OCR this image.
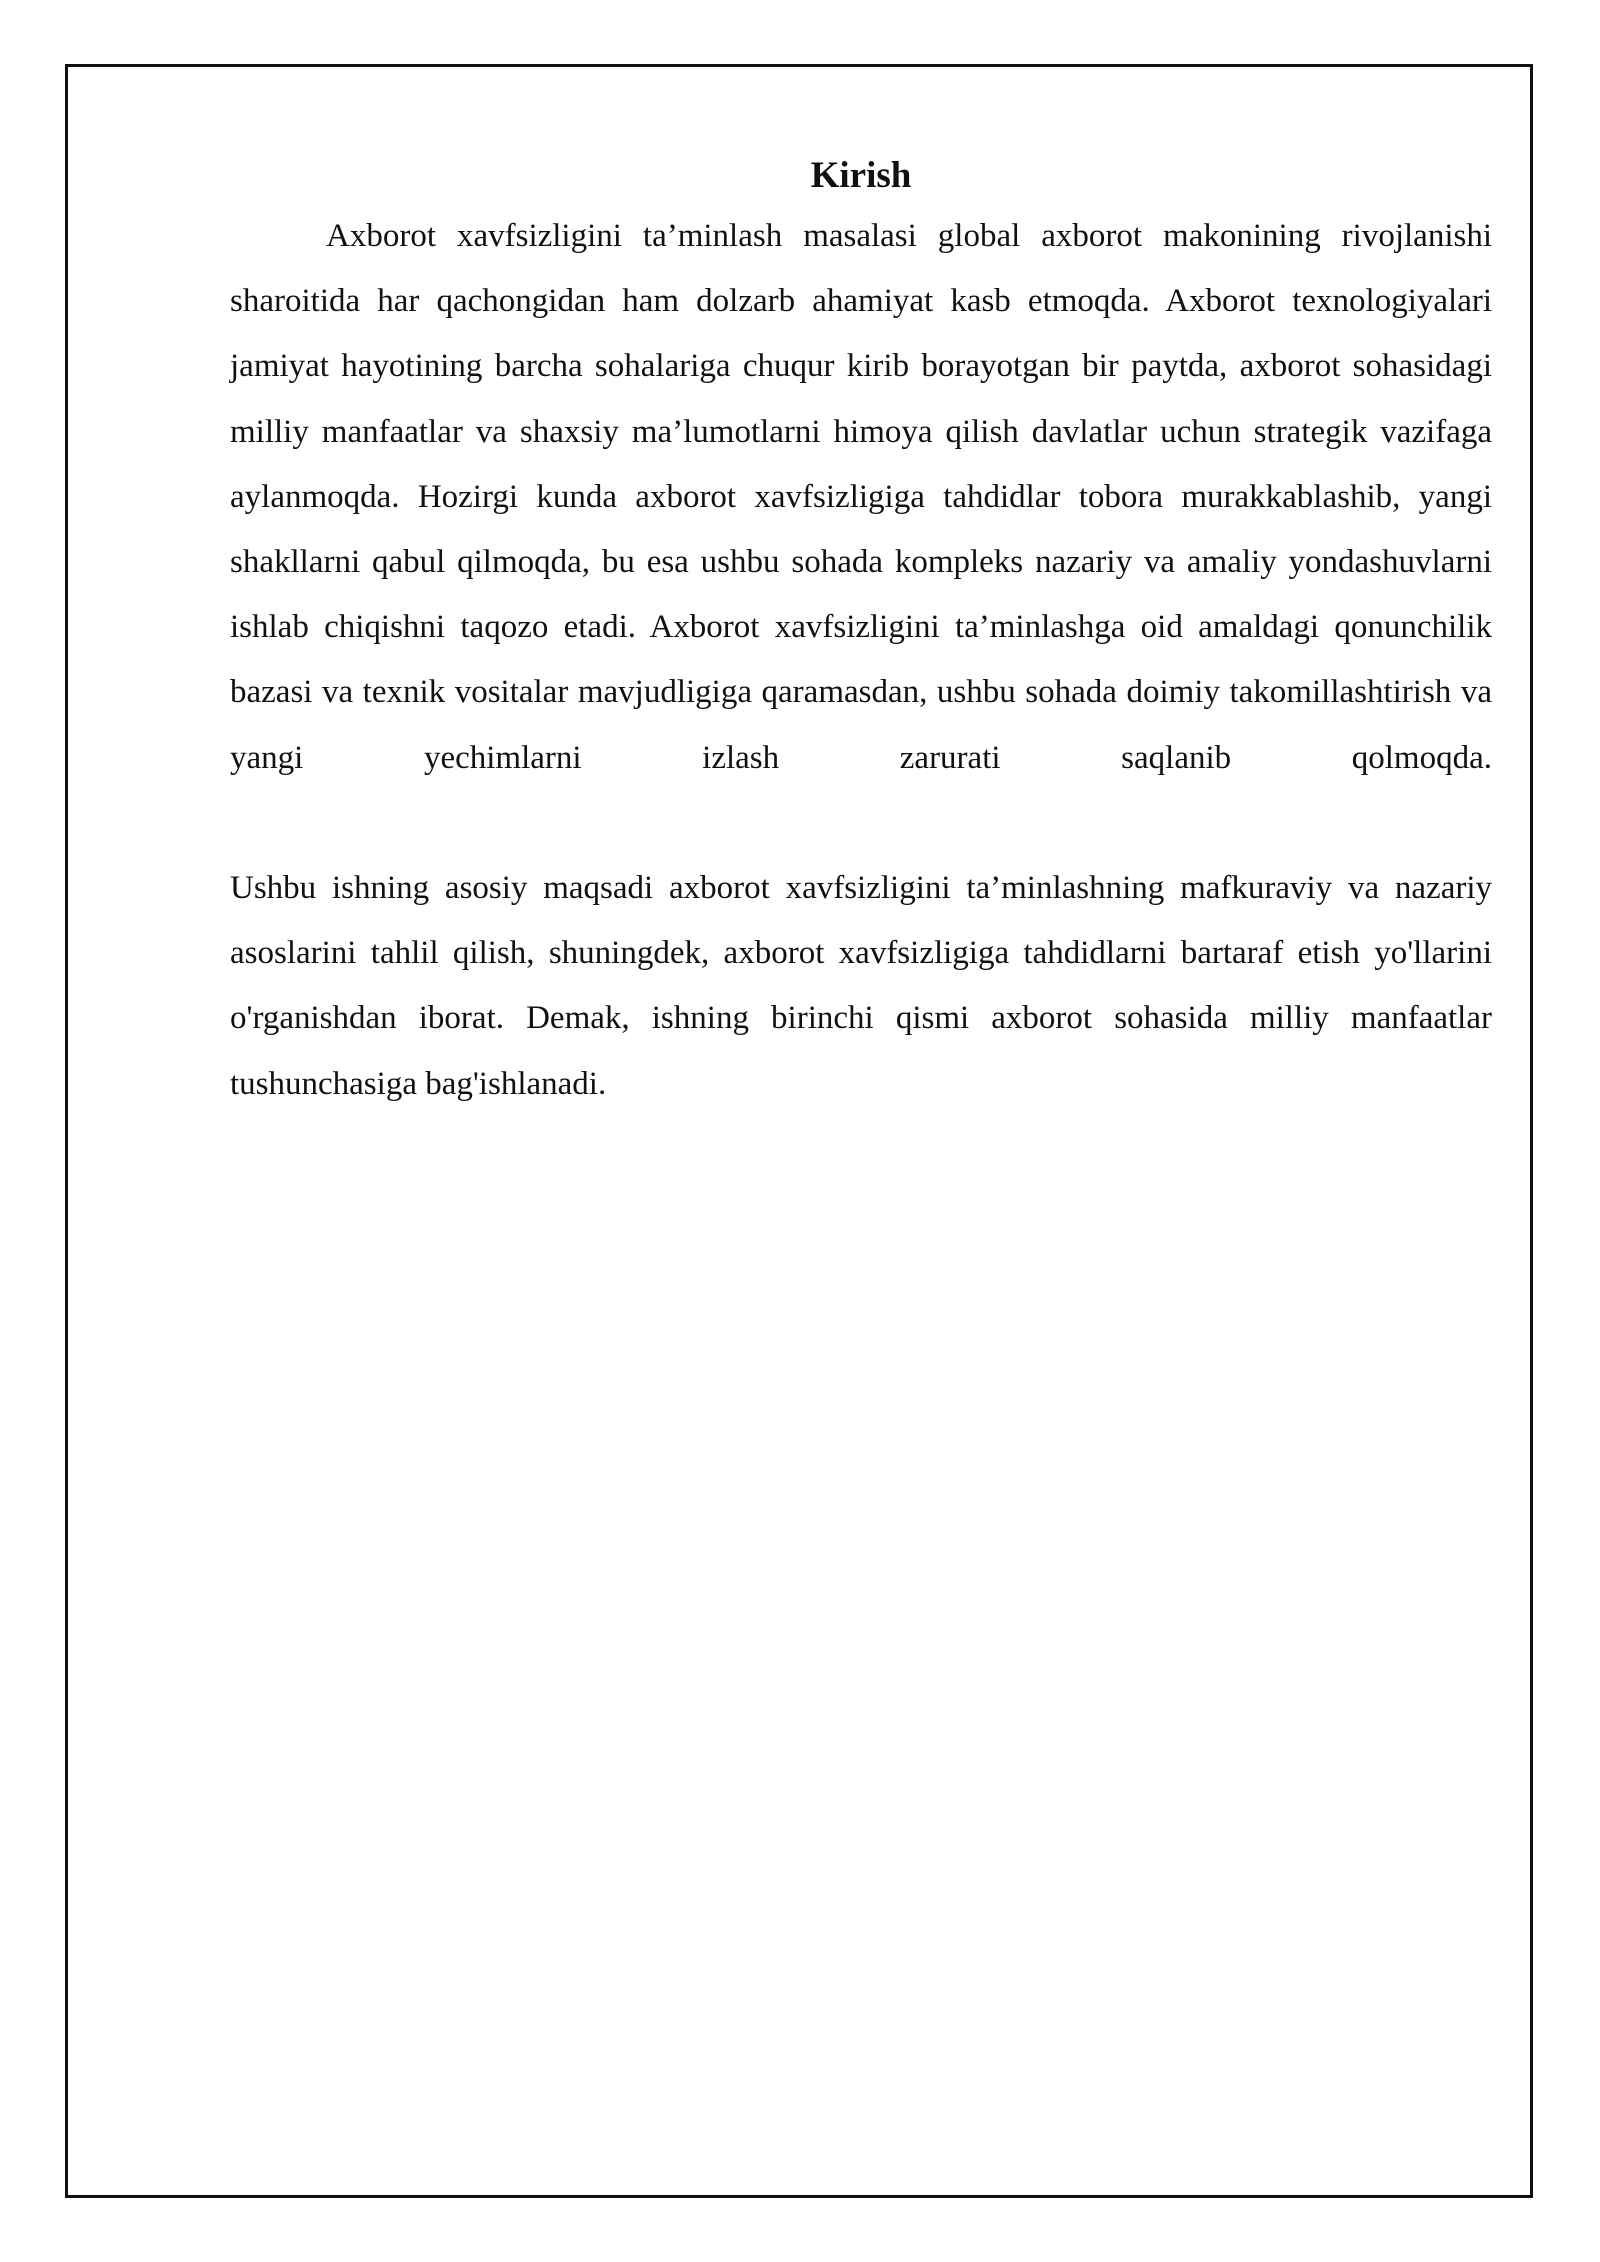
Kirish

Axborot xavfsizligini ta’minlash masalasi global axborot makonining rivojlanishi sharoitida har qachongidan ham dolzarb ahamiyat kasb etmoqda. Axborot texnologiyalari jamiyat hayotining barcha sohalariga chuqur kirib borayotgan bir paytda, axborot sohasidagi milliy manfaatlar va shaxsiy ma’lumotlarni himoya qilish davlatlar uchun strategik vazifaga aylanmoqda. Hozirgi kunda axborot xavfsizligiga tahdidlar tobora murakkablashib, yangi shakllarni qabul qilmoqda, bu esa ushbu sohada kompleks nazariy va amaliy yondashuvlarni ishlab chiqishni taqozo etadi. Axborot xavfsizligini ta’minlashga oid amaldagi qonunchilik bazasi va texnik vositalar mavjudligiga qaramasdan, ushbu sohada doimiy takomillashtirish va yangi yechimlarni izlash zarurati saqlanib qolmoqda.

Ushbu ishning asosiy maqsadi axborot xavfsizligini ta’minlashning mafkuraviy va nazariy asoslarini tahlil qilish, shuningdek, axborot xavfsizligiga tahdidlarni bartaraf etish yo'llarini o'rganishdan iborat. Demak, ishning birinchi qismi axborot sohasida milliy manfaatlar tushunchasiga bag'ishlanadi.
